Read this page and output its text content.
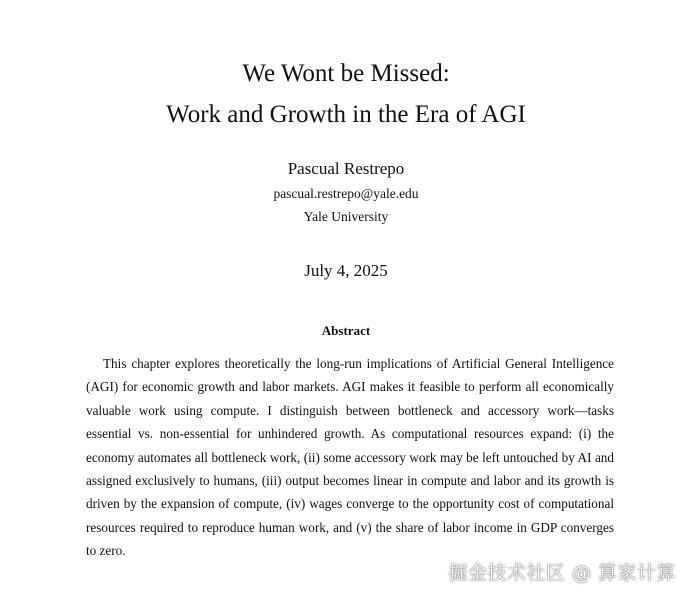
We Wont be Missed:
Work and Growth in the Era of AGI
Pascual Restrepo
pascual.restrepo@yale.edu
Yale University
July 4, 2025
Abstract

This chapter explores theoretically the long-run implications of Artificial General Intelligence (AGI) for economic growth and labor markets. AGI makes it feasible to perform all economically valuable work using compute. I distinguish between bottleneck and accessory work—tasks essential vs. non-essential for unhindered growth. As computational resources expand: (i) the economy automates all bottleneck work, (ii) some accessory work may be left untouched by AI and assigned exclusively to humans, (iii) output becomes linear in compute and labor and its growth is driven by the expansion of compute, (iv) wages converge to the opportunity cost of computational resources required to reproduce human work, and (v) the share of labor income in GDP converges to zero.

掘金技术社区 @ 算家计算
